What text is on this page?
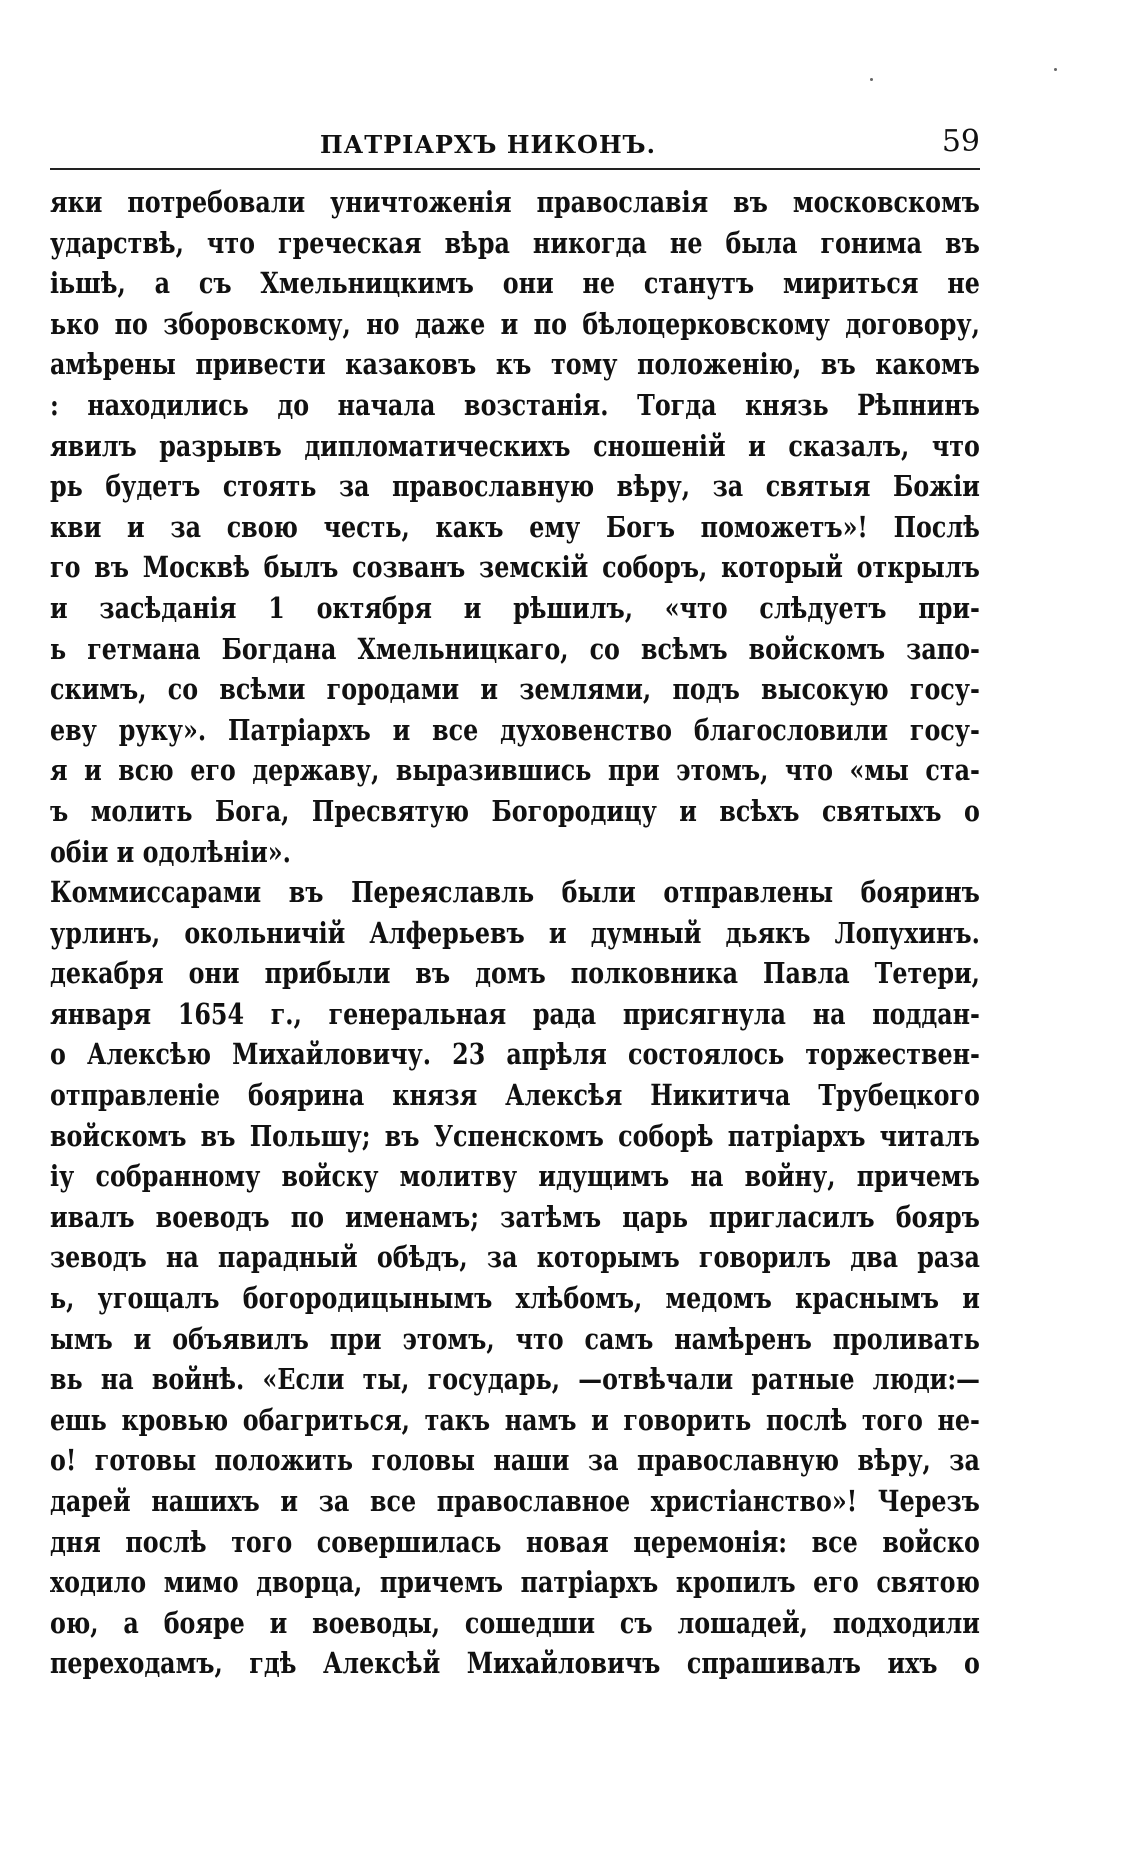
ПАТРІАРХЪ НИКОНЪ.	59
яки потребовали уничтоженія православія въ московскомъ
ударствѣ, что греческая вѣра никогда не была гонима въ
іьшѣ, а съ Хмельницкимъ они не станутъ мириться не
ько по зборовскому, но даже и по бѣлоцерковскому договору,
амѣрены привести казаковъ къ тому положенію, въ какомъ
: находились до начала возстанія. Тогда князь Рѣпнинъ
явилъ разрывъ дипломатическихъ сношеній и сказалъ, что
рь будетъ стоять за православную вѣру, за святыя Божіи
кви и за свою честь, какъ ему Богъ поможетъ»! Послѣ
го въ Москвѣ былъ созванъ земскій соборъ, который открылъ
и засѣданія 1 октября и рѣшилъ, «что слѣдуетъ при-
ь гетмана Богдана Хмельницкаго, со всѣмъ войскомъ запо-
скимъ, со всѣми городами и землями, подъ высокую госу-
еву руку». Патріархъ и все духовенство благословили госу-
я и всю его державу, выразившись при этомъ, что «мы ста-
ъ молить Бога, Пресвятую Богородицу и всѣхъ святыхъ о
обіи и одолѣніи».
Коммиссарами въ Переяславль были отправлены бояринъ
урлинъ, окольничій Алферьевъ и думный дьякъ Лопухинъ.
декабря они прибыли въ домъ полковника Павла Тетери,
января 1654 г., генеральная рада присягнула на поддан-
о Алексѣю Михайловичу. 23 апрѣля состоялось торжествен-
отправленіе боярина князя Алексѣя Никитича Трубецкого
войскомъ въ Польшу; въ Успенскомъ соборѣ патріархъ читалъ
іу собранному войску молитву идущимъ на войну, причемъ
ивалъ воеводъ по именамъ; затѣмъ царь пригласилъ бояръ
зеводъ на парадный обѣдъ, за которымъ говорилъ два раза
ь, угощалъ богородицынымъ хлѣбомъ, медомъ краснымъ и
ымъ и объявилъ при этомъ, что самъ намѣренъ проливать
вь на войнѣ. «Если ты, государь, —отвѣчали ратные люди:—
ешь кровью обагриться, такъ намъ и говорить послѣ того не-
о! готовы положить головы наши за православную вѣру, за
дарей нашихъ и за все православное христіанство»! Черезъ
дня послѣ того совершилась новая церемонія: все войско
ходило мимо дворца, причемъ патріархъ кропилъ его святою
ою, а бояре и воеводы, сошедши съ лошадей, подходили
переходамъ, гдѣ Алексѣй Михайловичъ спрашивалъ ихъ о
